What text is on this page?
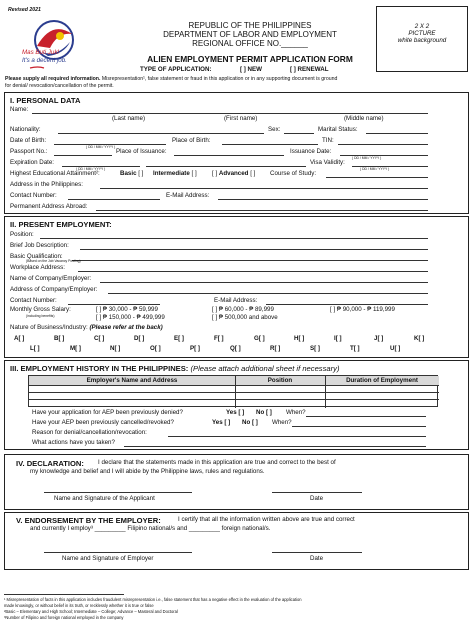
Revised 2021
Mas Buti Juk!
It's a decent job.
REPUBLIC OF THE PHILIPPINES
DEPARTMENT OF LABOR AND EMPLOYMENT
REGIONAL OFFICE NO.______
ALIEN EMPLOYMENT PERMIT APPLICATION FORM
TYPE OF APPLICATION:	[ ] NEW	[ ] RENEWAL
2 X 2
PICTURE
white background
Please supply all required information. Misrepresentation¹, false statement or fraud in this application or in any supporting document is ground
for denial/ revocation/cancellation of the permit.
I. PERSONAL DATA
Name:
(Last name)	(First name)	(Middle name)
Nationality:	Sex:	Marital Status:
Date of Birth:
( DD / MM / YYYY )
Place of Birth:	TIN:
Passport No.:	Place of Issuance:	Issuance Date:
( DD / MM / YYYY )
Expiration Date:
( DD / MM / YYYY )
Visa Validity:
( DD / MM / YYYY )
Highest Educational Attainment²:	Basic [ ] Intermediate [ ] [ ] Advanced [ ] Course of Study:
Address in the Philippines:
Contact Number:	E-Mail Address:
Permanent Address Abroad:
II. PRESENT EMPLOYMENT:
Position:
Brief Job Description:
Basic Qualification:
(Based on the Job Vacancy Posting)
Workplace Address:
Name of Company/Employer:
Address of Company/Employer:
Contact Number:	E-Mail Address:
Monthly Gross Salary:
(including benefits)
[ ] ₱ 30,000 - ₱ 59,999	[ ] ₱ 60,000 - ₱ 89,999	[ ] ₱ 90,000 - ₱ 119,999
[ ] ₱ 150,000 - ₱ 499,999	[ ] ₱ 500,000 and above
Nature of Business/Industry: (Please refer at the back)
A[ ]	B[ ]	C[ ]	D[ ]	E[ ]	F[ ]	G[ ]	H[ ]	I[ ]	J[ ]	K[ ]
L[ ]	M[ ]	N[ ]	O[ ]	P[ ]	Q[ ]	R[ ]	S[ ]	T[ ]	U[ ]
III. EMPLOYMENT HISTORY IN THE PHILIPPINES: (Please attach additional sheet if necessary)
Employer's Name and Address	Position	Duration of Employment
Have your application for AEP been previously denied?	Yes [ ] No [ ] When?
Have your AEP been previously cancelled/revoked?	Yes [ ] No [ ] When?
Reason for denial/cancellation/revocation:
What actions have you taken?
IV. DECLARATION: I declare that the statements made in this application are true and correct to the best of
my knowledge and belief and I will abide by the Philippine laws, rules and regulations.
Name and Signature of the Applicant	Date
V. ENDORSEMENT BY THE EMPLOYER:	I certify that all the information written above are true and correct
and currently I employ³ _________ Filipino national/s and _________ foreign national/s.
Name and Signature of Employer	Date
¹ Misrepresentation of facts in this application includes fraudulent misrepresentation i.e., false statement that has a negative effect in the evaluation of the application
made knowingly, or without belief in its truth, or recklessly whether it is true or false
²Basic – Elementary and High School; Intermediate – College; Advance – Masteral and Doctoral
³Number of Filipino and foreign national employed in the company
